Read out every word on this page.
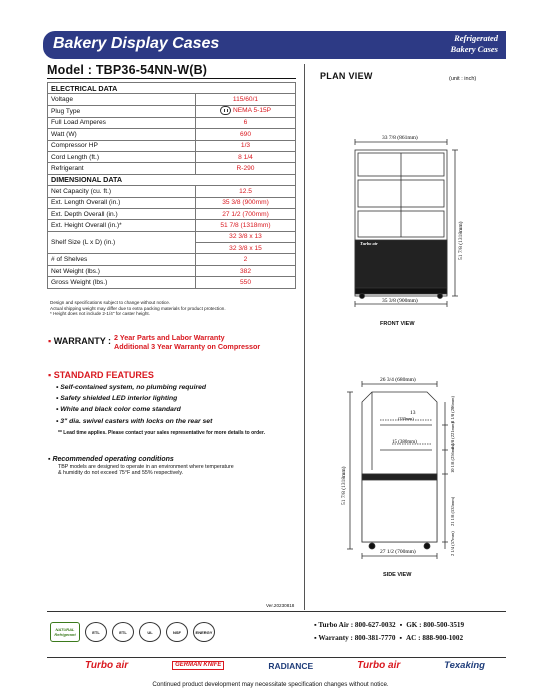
Bakery Display Cases	Refrigerated
Bakery Cases
Model : TBP36-54NN-W(B)
ELECTRICAL DATA	
Voltage	115/60/1
Plug Type	NEMA 5-15P

Full Load Amperes	6
Watt (W)	690
Compressor HP	1/3
Cord Length (ft.)	8 1/4
Refrigerant	R-290
DIMENSIONAL DATA	
Net Capacity (cu. ft.)	12.5
Ext. Length Overall (in.)	35 3/8 (900mm)
Ext. Depth Overall (in.)	27 1/2 (700mm)
Ext. Height Overall (in.)*	51 7/8 (1318mm)
Shelf Size (L x D) (in.)	32 3/8 x 13
	32 3/8 x 15
# of Shelves	2
Net Weight (lbs.)	382
Gross Weight (lbs.)	550
Design and specifications subject to change without notice.
Actual shipping weight may differ due to extra packing materials for product protection.
* Height does not include 2-1/4" for caster height.
▪ WARRANTY : 2 Year Parts and Labor Warranty
Additional 3 Year Warranty on Compressor
▪ STANDARD FEATURES
• Self-contained system, no plumbing required
• Safety shielded LED interior lighting
• White and black color come standard
• 3" dia. swivel casters with locks on the rear set
** Lead time applies. Please contact your sales representative for more details to order.
▪ Recommended operating conditions
TBP models are designed to operate in an environment where temperature
& humidity do not exceed 75°F and 55% respectively.
Ver.20230818
PLAN VIEW	(unit : inch)
33 7/8 (861mm)
35 3/8 (900mm)
51 7/8 (1318mm)
Turbo air
26 3/4 (680mm)
27 1/2 (700mm)
51 7/8 (1318mm)
13
(330mm)
15 (380mm)
8 1/8 (206mm)
8 5/8 (221mm)
10 1/8 (256mm)
21 1/8 (535mm)
2 1/4 (57mm)
FRONT VIEW
SIDE VIEW
NATURAL Refrigerant	ETL	ETL	UL	NSF	ENERGY
▪ Turbo Air : 800-627-0032 ▪ GK : 800-500-3519
▪ Warranty : 800-381-7770 ▪ AC : 888-900-1002
Turbo air	GERMAN KNIFE	RADIANCE	Turbo air	Texaking
Continued product development may necessitate specification changes without notice.
